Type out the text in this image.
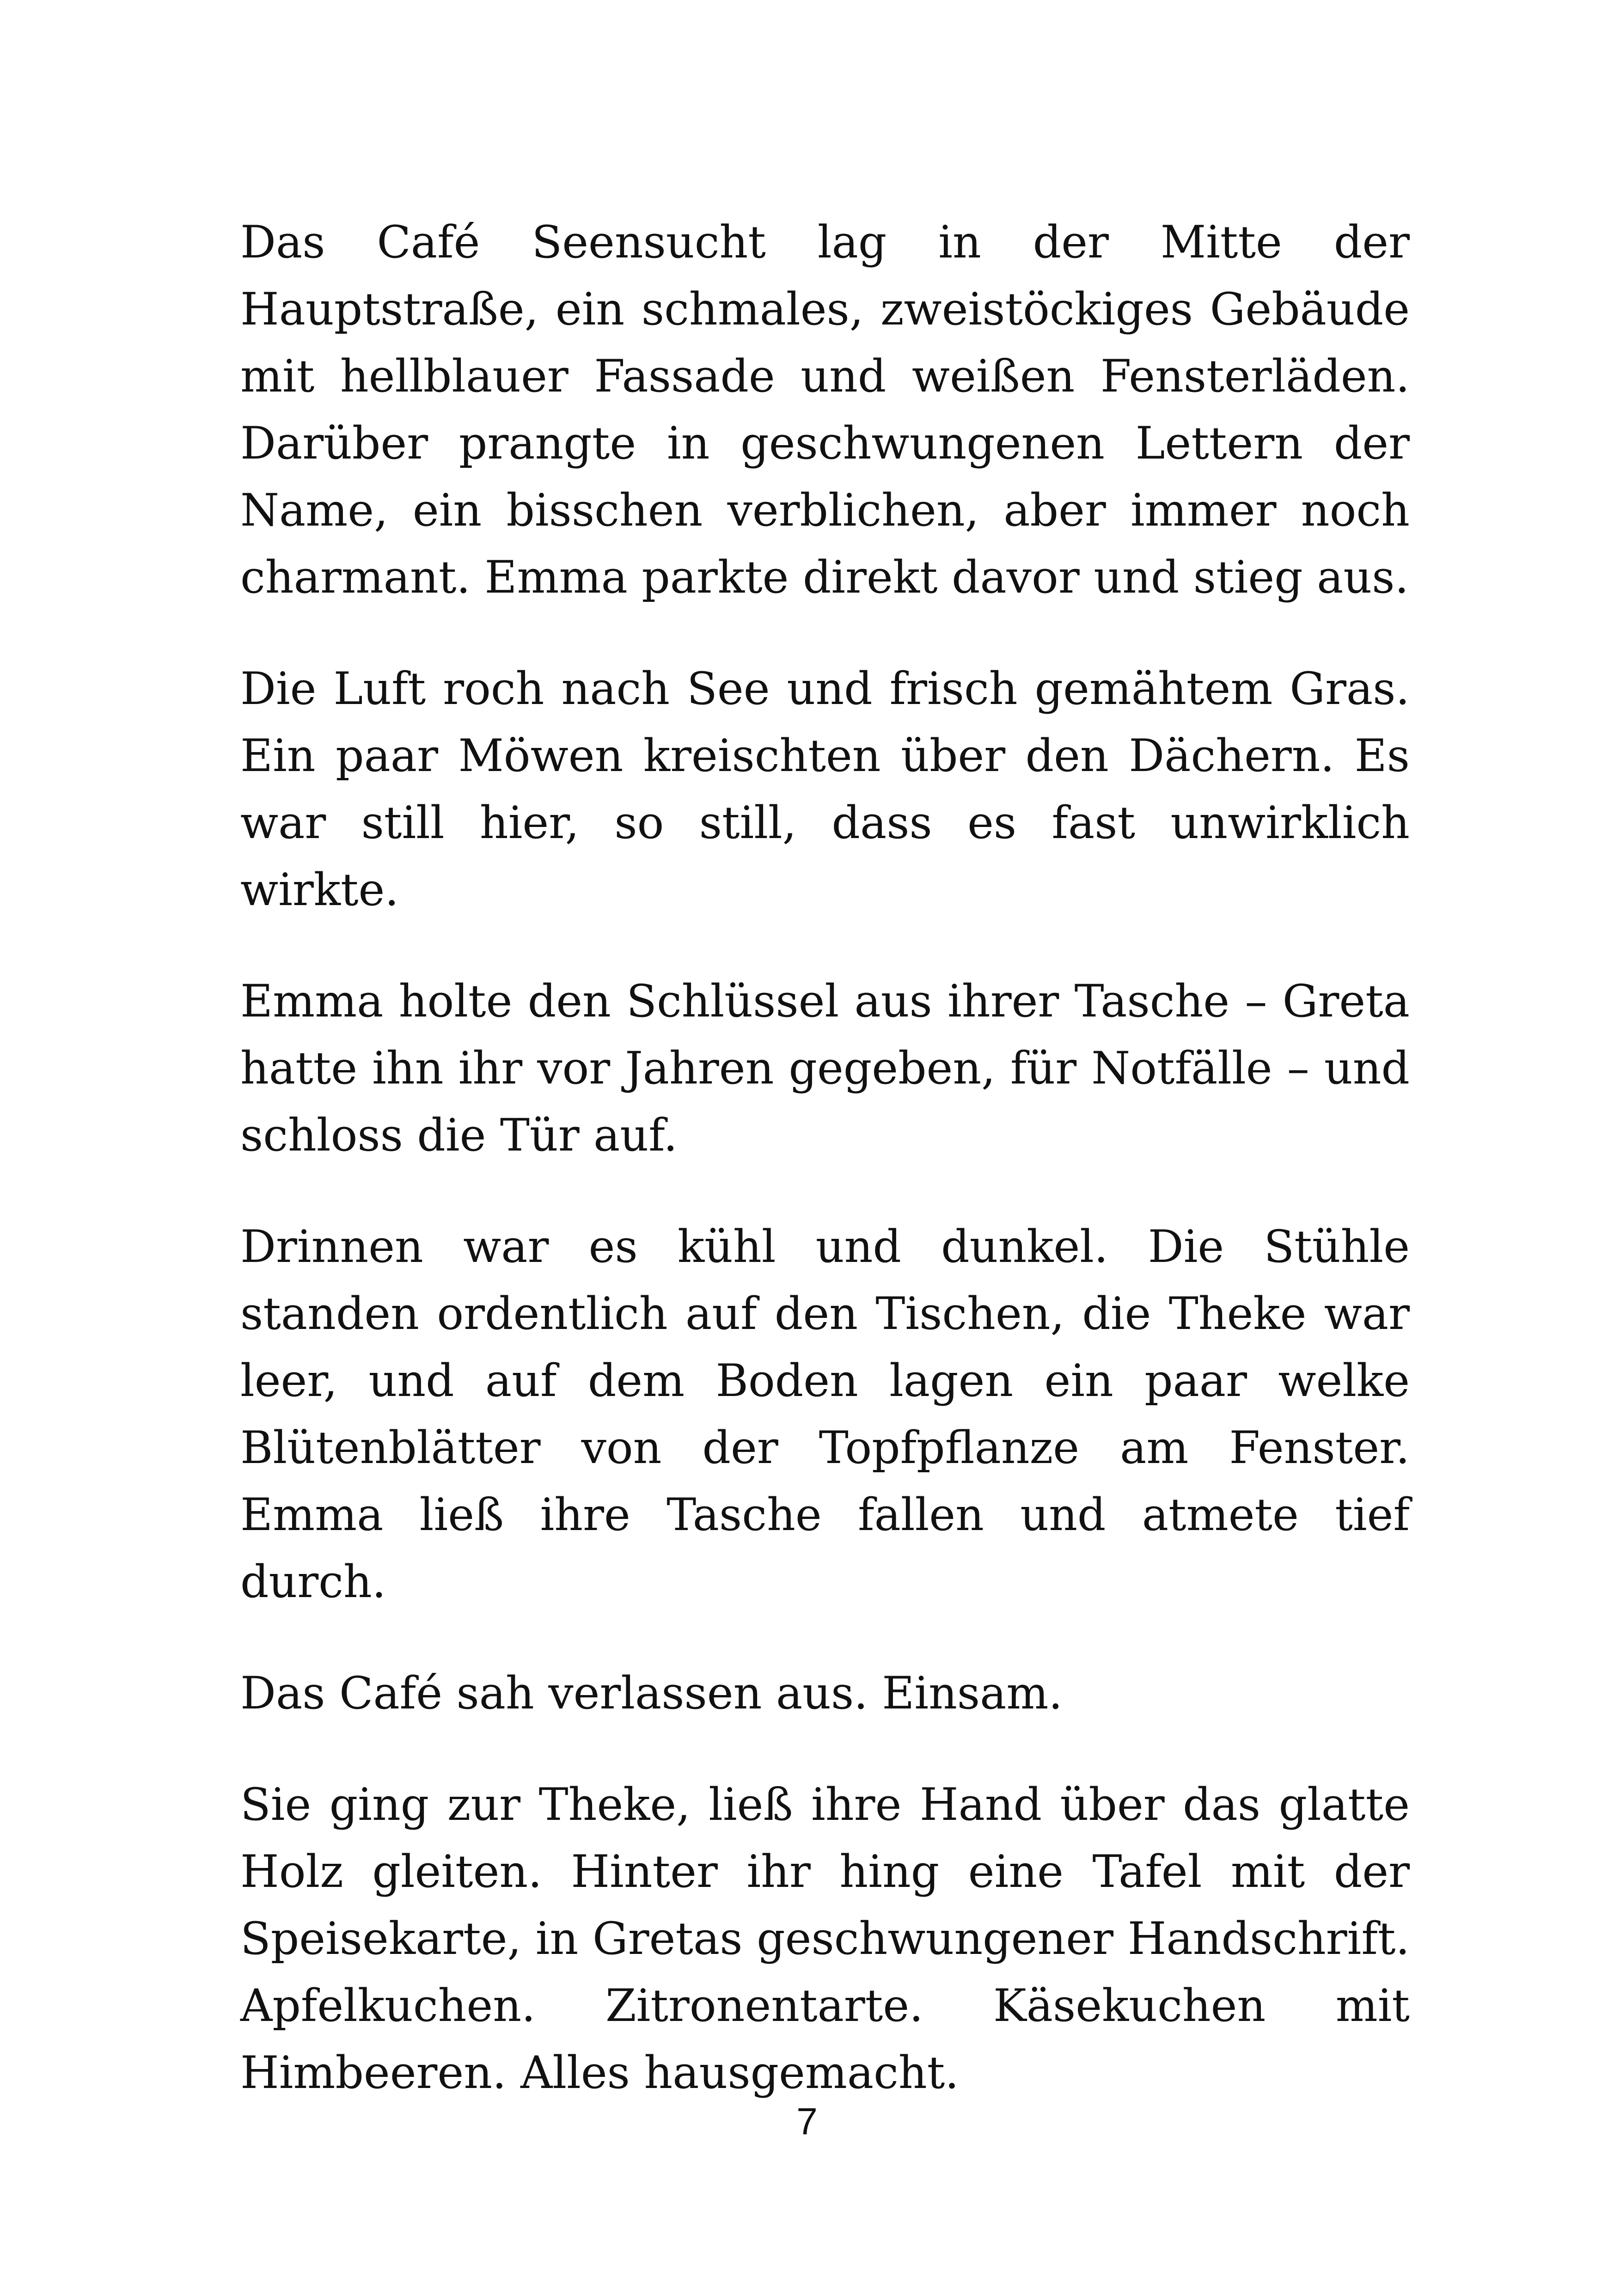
Das Café Seensucht lag in der Mitte der Hauptstraße, ein schmales, zweistöckiges Gebäude mit hellblauer Fassade und weißen Fensterläden. Darüber prangte in geschwungenen Lettern der Name, ein bisschen verblichen, aber immer noch charmant. Emma parkte direkt davor und stieg aus.

Die Luft roch nach See und frisch gemähtem Gras. Ein paar Möwen kreischten über den Dächern. Es war still hier, so still, dass es fast unwirklich wirkte.

Emma holte den Schlüssel aus ihrer Tasche – Greta hatte ihn ihr vor Jahren gegeben, für Notfälle – und schloss die Tür auf.

Drinnen war es kühl und dunkel. Die Stühle standen ordentlich auf den Tischen, die Theke war leer, und auf dem Boden lagen ein paar welke Blütenblätter von der Topfpflanze am Fenster. Emma ließ ihre Tasche fallen und atmete tief durch.

Das Café sah verlassen aus. Einsam.

Sie ging zur Theke, ließ ihre Hand über das glatte Holz gleiten. Hinter ihr hing eine Tafel mit der Speisekarte, in Gretas geschwungener Handschrift. Apfelkuchen. Zitronentarte. Käsekuchen mit Himbeeren. Alles hausgemacht.

7
